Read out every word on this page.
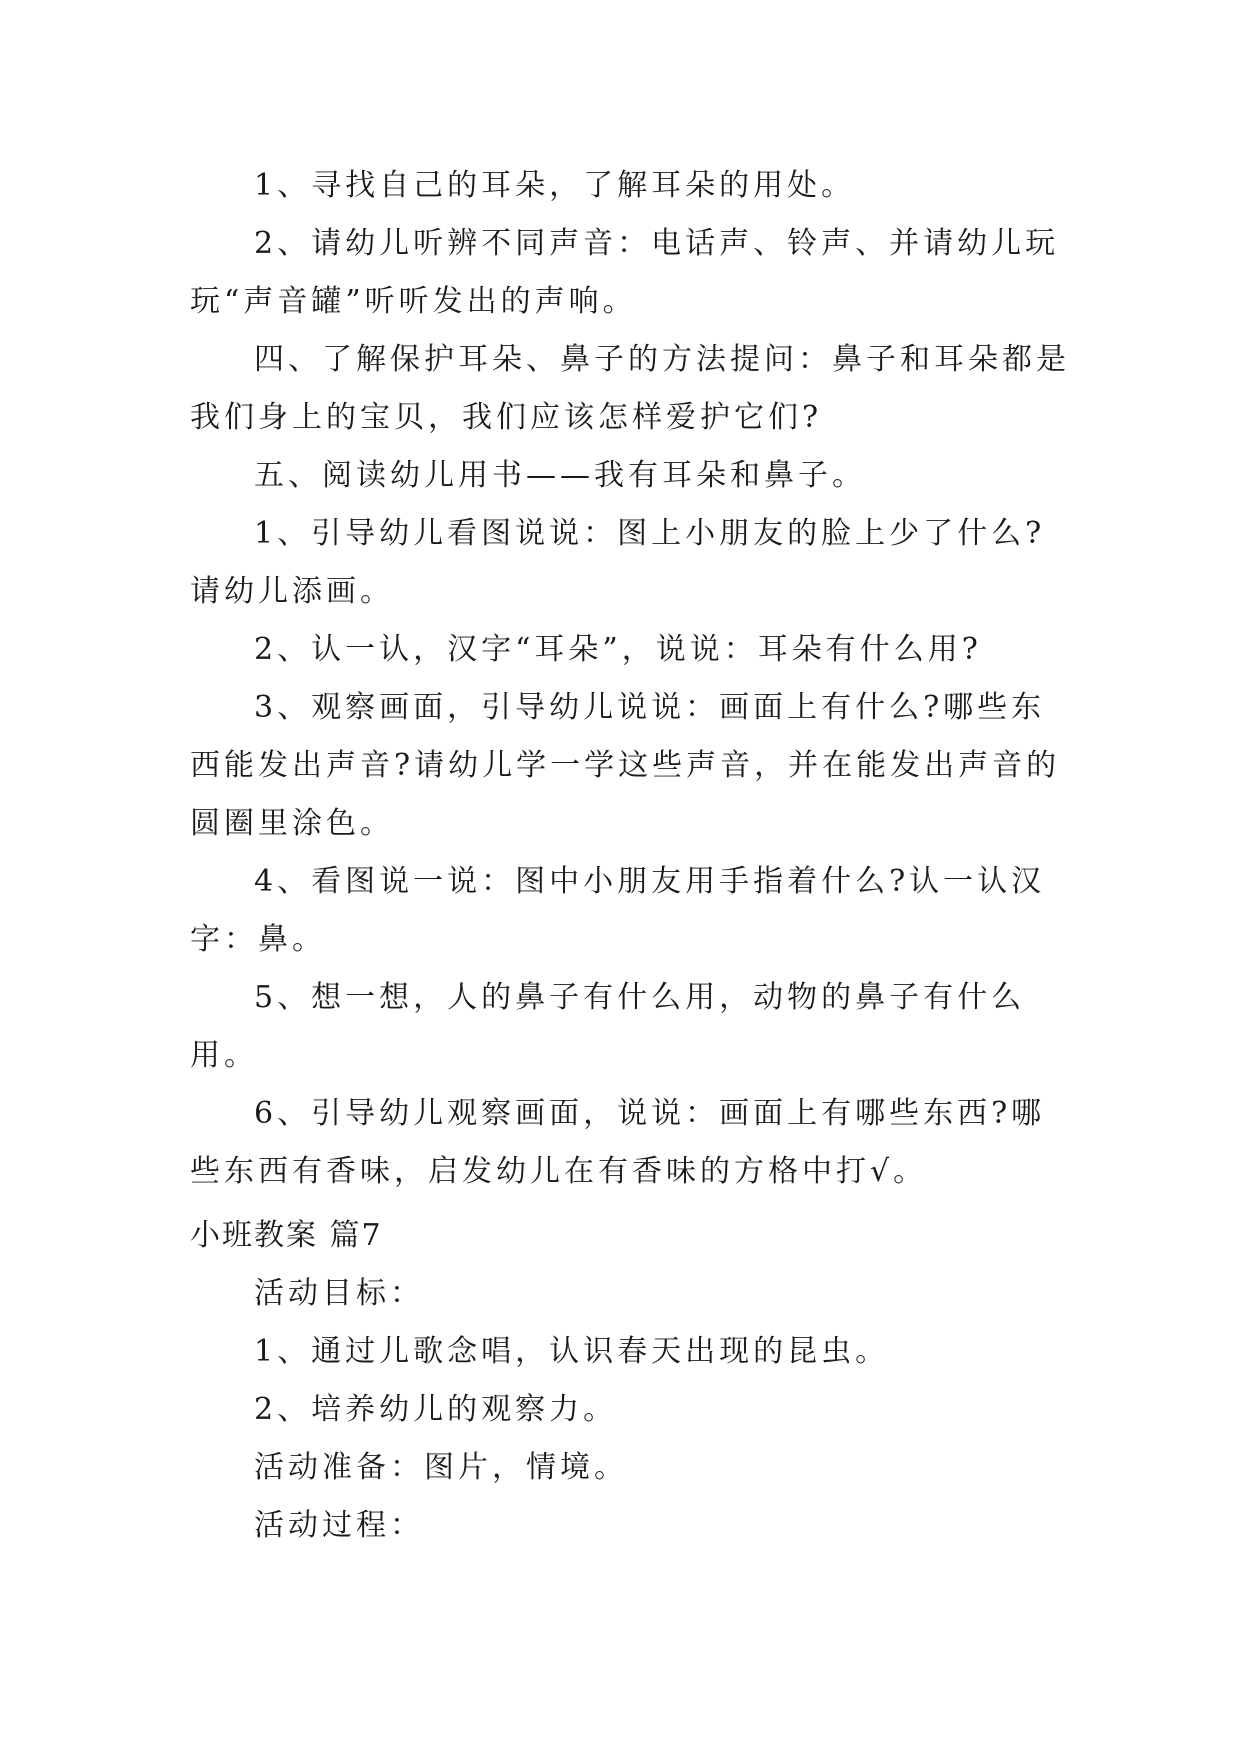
1、寻找自己的耳朵，了解耳朵的用处。

2、请幼儿听辨不同声音：电话声、铃声、并请幼儿玩玩“声音罐”听听发出的声响。

四、了解保护耳朵、鼻子的方法提问：鼻子和耳朵都是我们身上的宝贝，我们应该怎样爱护它们?

五、阅读幼儿用书——我有耳朵和鼻子。

1、引导幼儿看图说说：图上小朋友的脸上少了什么?请幼儿添画。

2、认一认，汉字“耳朵”，说说：耳朵有什么用?

3、观察画面，引导幼儿说说：画面上有什么?哪些东西能发出声音?请幼儿学一学这些声音，并在能发出声音的圆圈里涂色。

4、看图说一说：图中小朋友用手指着什么?认一认汉字：鼻。

5、想一想，人的鼻子有什么用，动物的鼻子有什么用。

6、引导幼儿观察画面，说说：画面上有哪些东西?哪些东西有香味，启发幼儿在有香味的方格中打√。

小班教案 篇7

活动目标：

1、通过儿歌念唱，认识春天出现的昆虫。

2、培养幼儿的观察力。

活动准备：图片，情境。

活动过程：
